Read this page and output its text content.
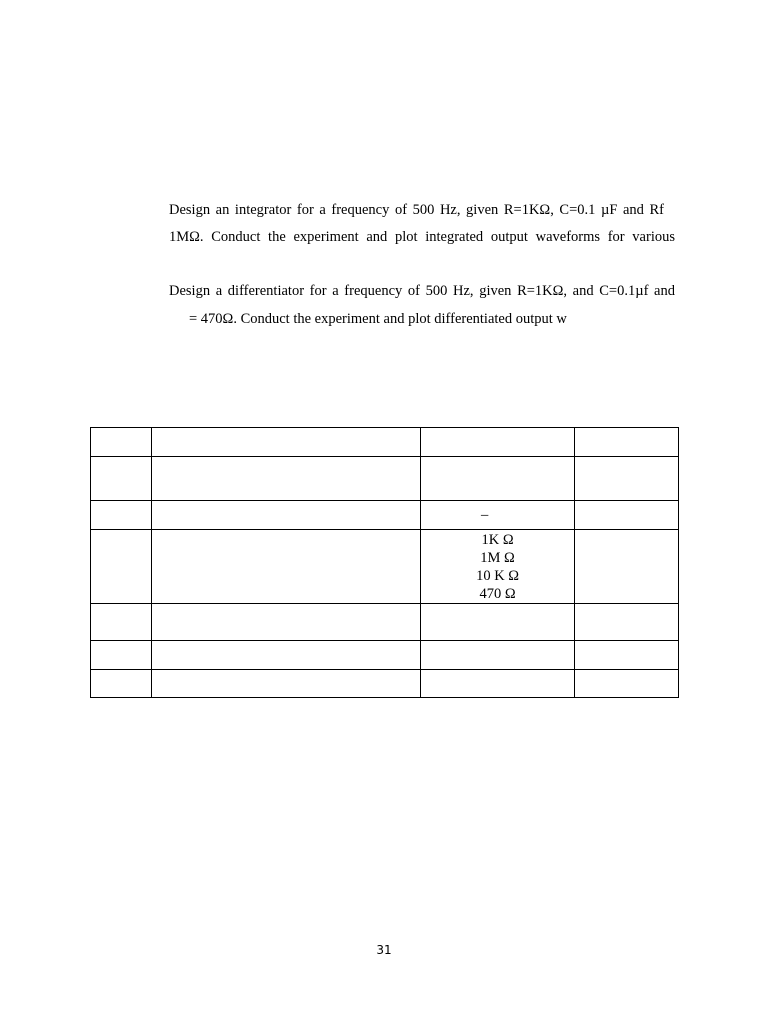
Design an integrator for a frequency of 500 Hz, given R=1KΩ, C=0.1 µF and Rf
1MΩ. Conduct the experiment and plot integrated output waveforms for various
Design a differentiator for a frequency of 500 Hz, given R=1KΩ, and C=0.1µf and
= 470Ω. Conduct the experiment and plot differentiated output w

		–	

		1K Ω
1M Ω
10 K Ω
470 Ω	

31
